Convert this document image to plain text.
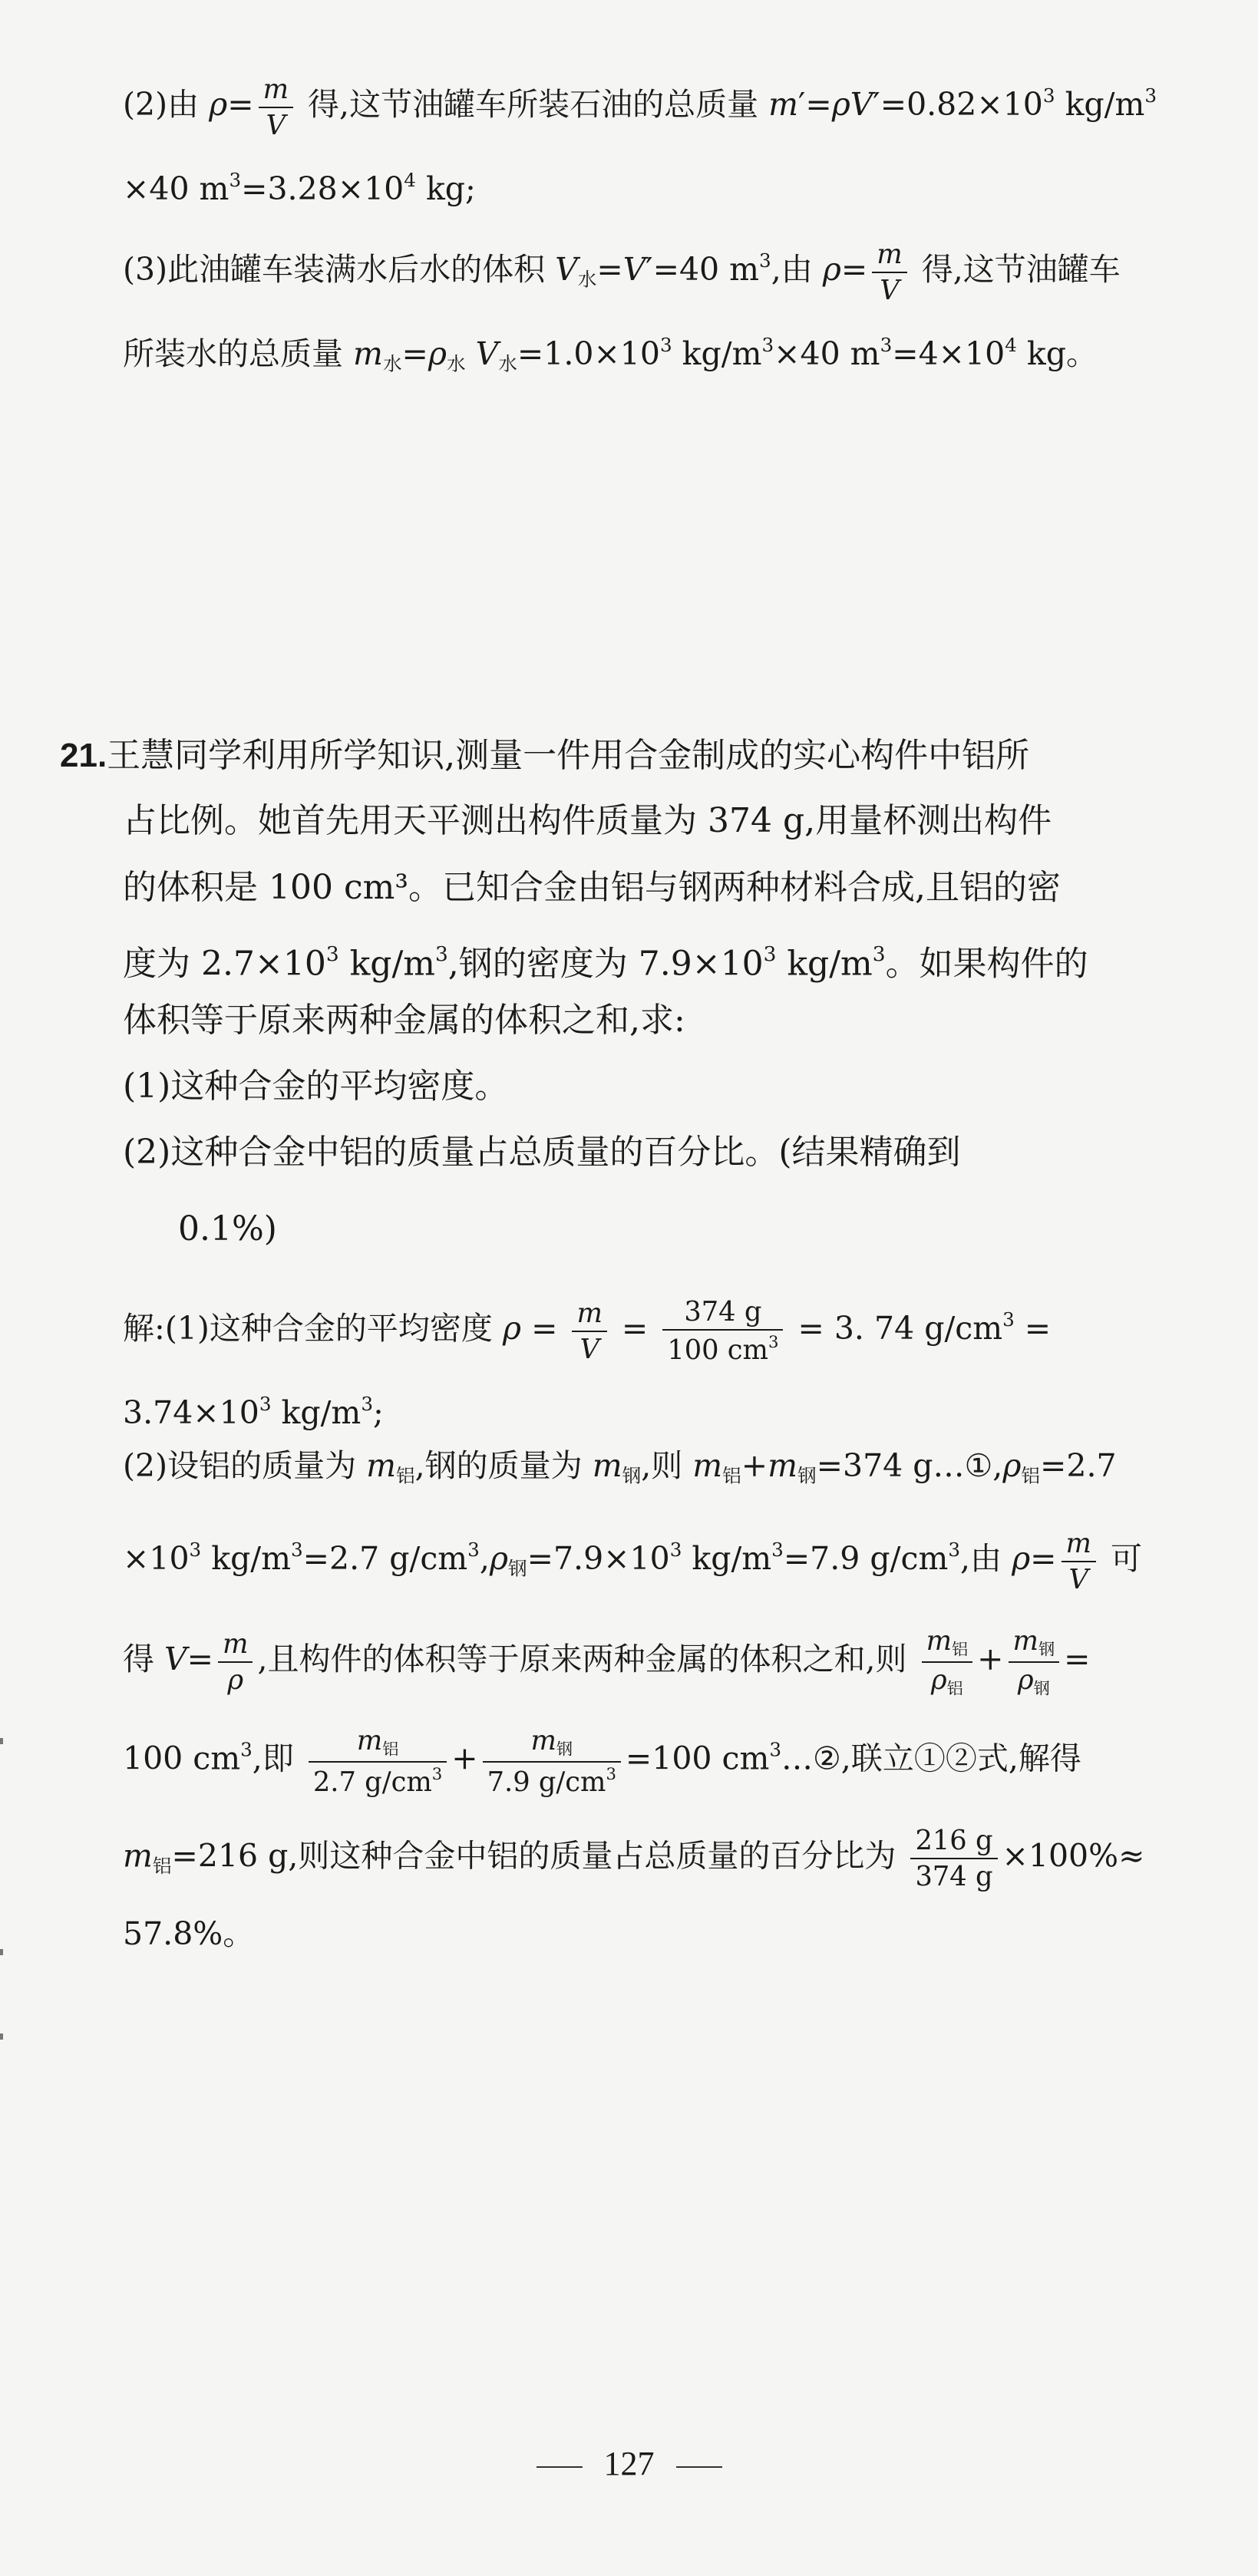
(2)由 $\rho= \frac{m}{V}$ 得,这节油罐车所装石油的总质量 $m'=\rho V'=0.82\times 10^3$ $kg/m^3$
×40 $m^3=3.28\times 10^4$ kg;
(3)此油罐车装满水后水的体积 $V_水=V'=40$ $m^3$,由 $\rho= \frac{m}{V}$ 得,这节油罐车
所装水的总质量 $m_水=\rho_水$ $V_水=1.0\times 10^3$ $kg/m^3\times 40$ $m^3=4\times 10^4$ kg。
21.王慧同学利用所学知识,测量一件用合金制成的实心构件中铝所
占比例。她首先用天平测出构件质量为 374 g,用量杯测出构件
的体积是 100 cm³。已知合金由铝与钢两种材料合成,且铝的密
度为 $2.7\times 10^3$ $kg/m^3$,钢的密度为 $7.9\times 10^3$ $kg/m^3$。如果构件的
体积等于原来两种金属的体积之和,求:
(1)这种合金的平均密度。
(2)这种合金中铝的质量占总质量的百分比。(结果精确到
0.1%)
解:(1)这种合金的平均密度 $\rho = \frac{m}{V} = \frac{374 g}{100 cm^3} = 3$. 74 $g/cm^3$ =
$3.74\times 10^3$ $kg/m^3$;
(2)设铝的质量为 $m_铝$,钢的质量为 $m_钢$,则 $m_铝+m_钢=374$ $g\dots ①,\rho_铝=2.7$
$\times 10^3$ $kg/m^3=2.7$ $g/cm^3,\rho_钢=7.9\times 10^3$ $kg/m^3=7.9$ $g/cm^3$,由 $\rho= \frac{m}{V}$ 可
得 $V= \frac{m}{\rho}$ ,且构件的体积等于原来两种金属的体积之和,则 $\frac{m_铝}{\rho_铝} + \frac{m_钢}{\rho_钢}$ =
100 $cm^3$,即 $\frac{m_铝}{2.7 g/cm^3} + \frac{m_钢}{7.9 g/cm^3} =100$ $cm^3\dots ②$,联立①②式,解得
$m_铝=216$ g,则这种合金中铝的质量占总质量的百分比为 $\frac{216 g}{374 g} \times 100\%\approx$
57.8%。
127
